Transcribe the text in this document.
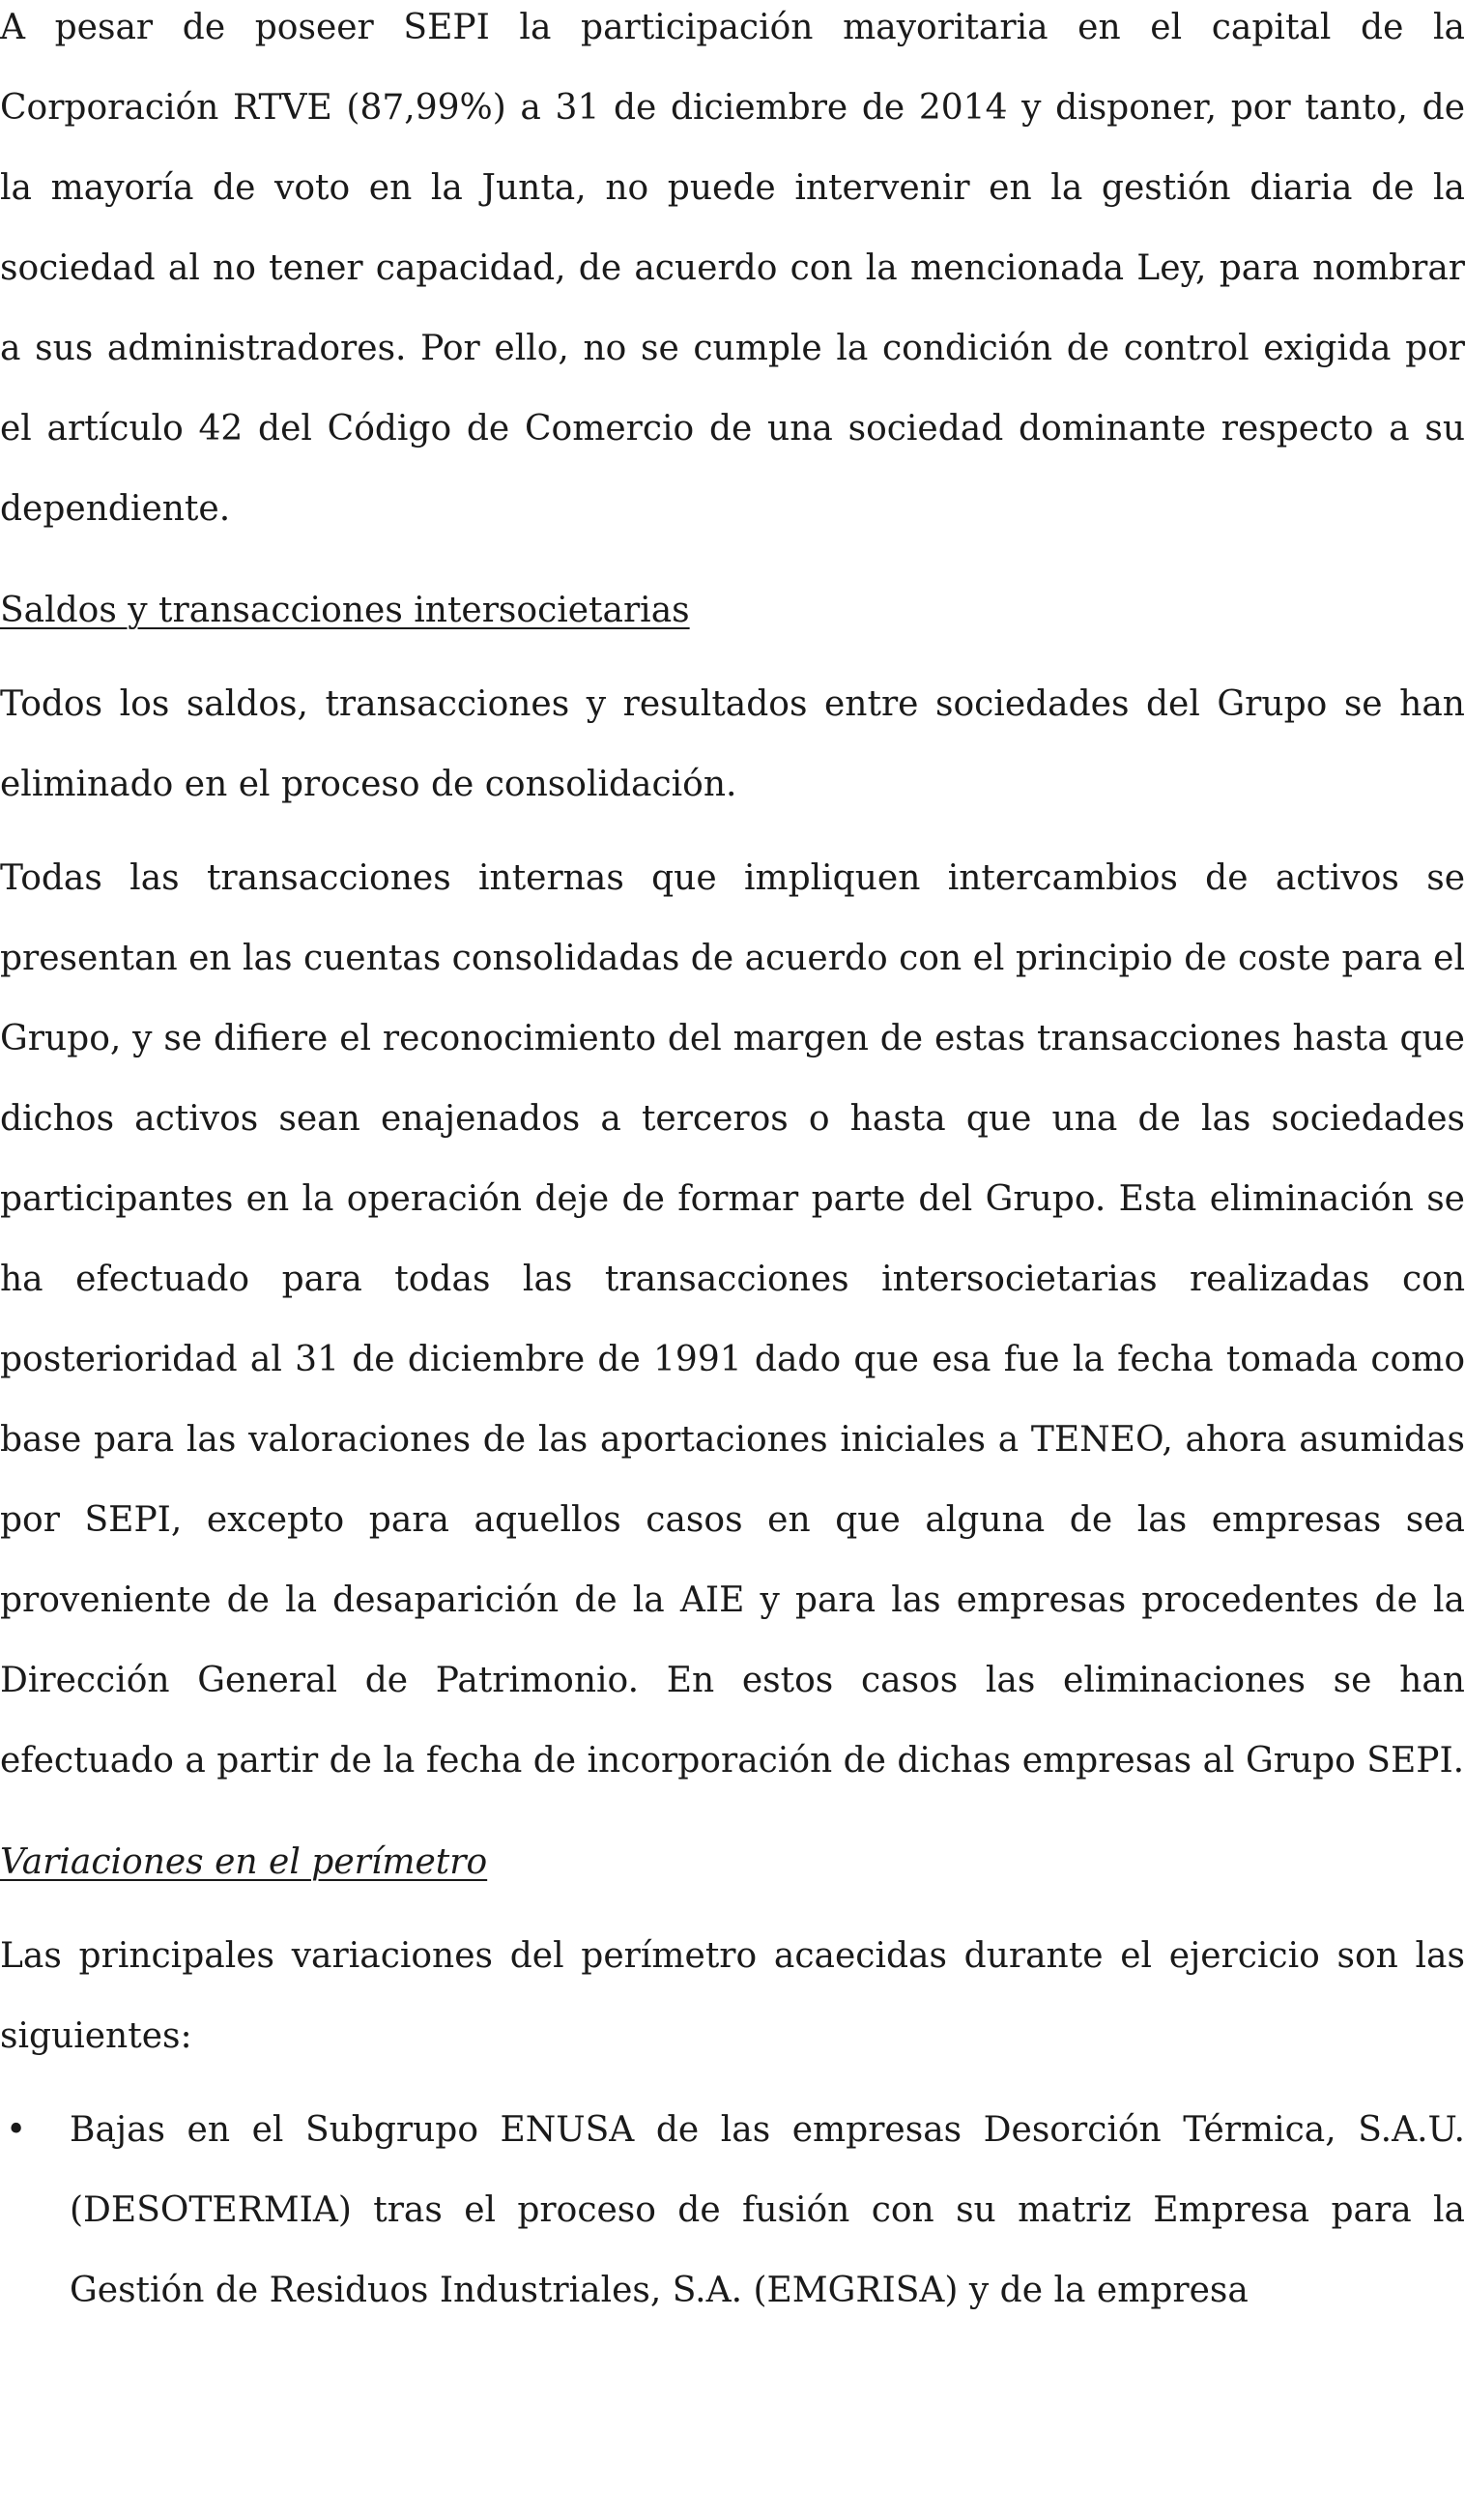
A pesar de poseer SEPI la participación mayoritaria en el capital de la Corporación RTVE (87,99%) a 31 de diciembre de 2014 y disponer, por tanto, de la mayoría de voto en la Junta, no puede intervenir en la gestión diaria de la sociedad al no tener capacidad, de acuerdo con la mencionada Ley, para nombrar a sus administradores. Por ello, no se cumple la condición de control exigida por el artículo 42 del Código de Comercio de una sociedad dominante respecto a su dependiente.

Saldos y transacciones intersocietarias

Todos los saldos, transacciones y resultados entre sociedades del Grupo se han eliminado en el proceso de consolidación.

Todas las transacciones internas que impliquen intercambios de activos se presentan en las cuentas consolidadas de acuerdo con el principio de coste para el Grupo, y se difiere el reconocimiento del margen de estas transacciones hasta que dichos activos sean enajenados a terceros o hasta que una de las sociedades participantes en la operación deje de formar parte del Grupo. Esta eliminación se ha efectuado para todas las transacciones intersocietarias realizadas con posterioridad al 31 de diciembre de 1991 dado que esa fue la fecha tomada como base para las valoraciones de las aportaciones iniciales a TENEO, ahora asumidas por SEPI, excepto para aquellos casos en que alguna de las empresas sea proveniente de la desaparición de la AIE y para las empresas procedentes de la Dirección General de Patrimonio. En estos casos las eliminaciones se han efectuado a partir de la fecha de incorporación de dichas empresas al Grupo SEPI.

Variaciones en el perímetro

Las principales variaciones del perímetro acaecidas durante el ejercicio son las siguientes:

• Bajas en el Subgrupo ENUSA de las empresas Desorción Térmica, S.A.U. (DESOTERMIA) tras el proceso de fusión con su matriz Empresa para la Gestión de Residuos Industriales, S.A. (EMGRISA) y de la empresa
